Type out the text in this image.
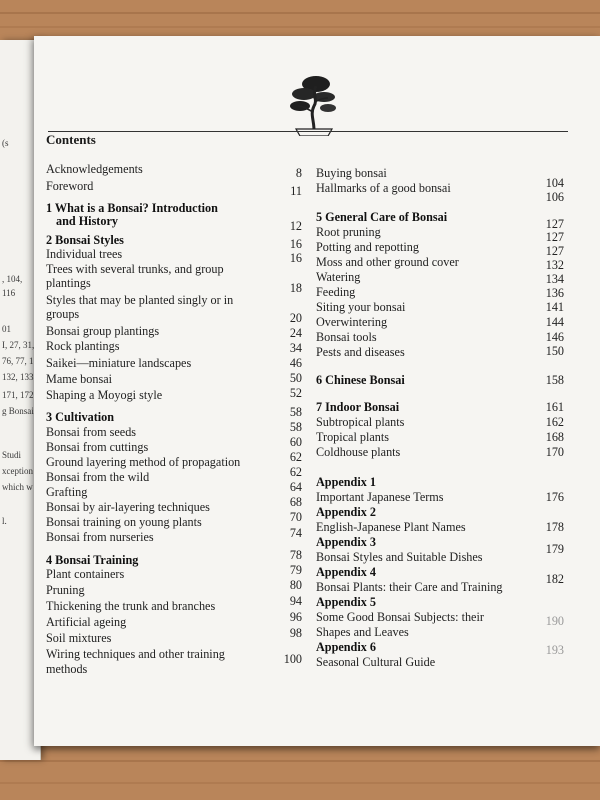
(s
, 104,
116
01
I, 27, 31,
76, 77, 1
132, 133
171, 172
g Bonsai
Studi
xception
which w
l.
Contents
Acknowledgements
Foreword
1 What is a Bonsai? Introduction
and History
2 Bonsai Styles
Individual trees
Trees with several trunks, and group
plantings
Styles that may be planted singly or in
groups
Bonsai group plantings
Rock plantings
Saikei—miniature landscapes
Mame bonsai
Shaping a Moyogi style
3 Cultivation
Bonsai from seeds
Bonsai from cuttings
Ground layering method of propagation
Bonsai from the wild
Grafting
Bonsai by air-layering techniques
Bonsai training on young plants
Bonsai from nurseries
4 Bonsai Training
Plant containers
Pruning
Thickening the trunk and branches
Artificial ageing
Soil mixtures
Wiring techniques and other training
methods
8
11
12
16
16
18
20
24
34
46
50
52
58
58
60
62
62
64
68
70
74
78
79
80
94
96
98
100
Buying bonsai
Hallmarks of a good bonsai
5 General Care of Bonsai
Root pruning
Potting and repotting
Moss and other ground cover
Watering
Feeding
Siting your bonsai
Overwintering
Bonsai tools
Pests and diseases
6 Chinese Bonsai
7 Indoor Bonsai
Subtropical plants
Tropical plants
Coldhouse plants
Appendix 1
Important Japanese Terms
Appendix 2
English-Japanese Plant Names
Appendix 3
Bonsai Styles and Suitable Dishes
Appendix 4
Bonsai Plants: their Care and Training
Appendix 5
Some Good Bonsai Subjects: their
Shapes and Leaves
Appendix 6
Seasonal Cultural Guide
104
106
127
127
127
132
134
136
141
144
146
150
158
161
162
168
170
176
178
179
182
190
193
